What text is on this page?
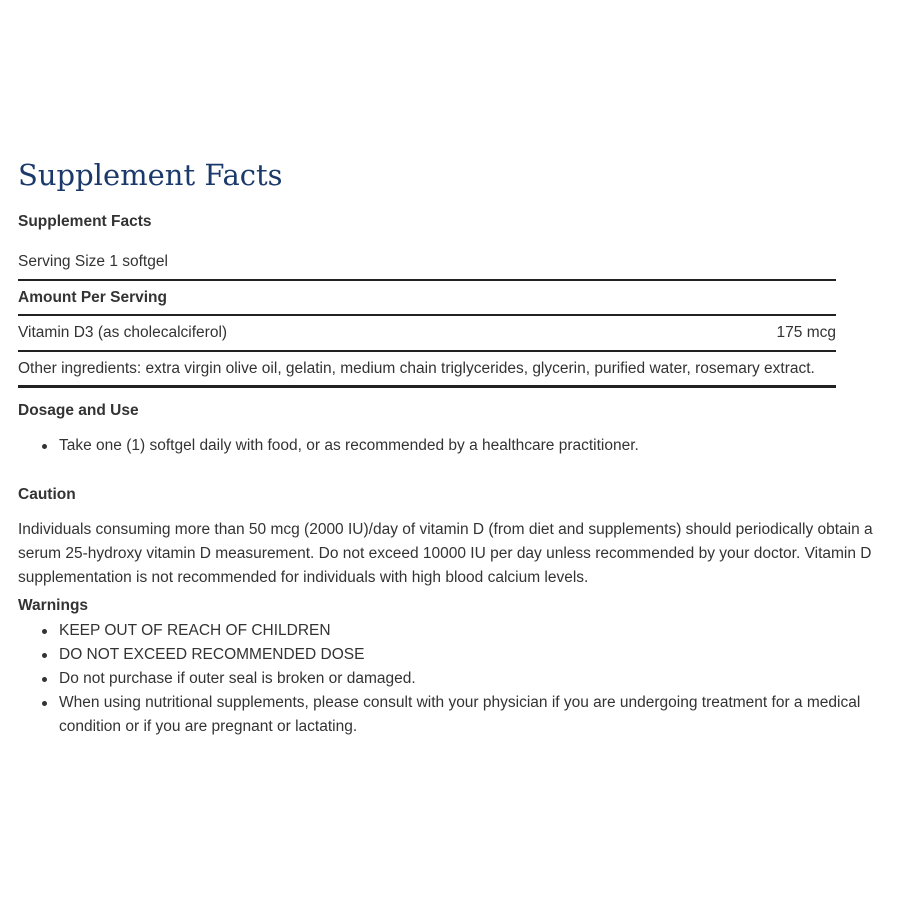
Supplement Facts
Supplement Facts
Serving Size 1 softgel
Amount Per Serving
Vitamin D3 (as cholecalciferol)	175 mcg
Other ingredients: extra virgin olive oil, gelatin, medium chain triglycerides, glycerin, purified water, rosemary extract.
Dosage and Use
Take one (1) softgel daily with food, or as recommended by a healthcare practitioner.
Caution

Individuals consuming more than 50 mcg (2000 IU)/day of vitamin D (from diet and supplements) should periodically obtain a serum 25-hydroxy vitamin D measurement. Do not exceed 10000 IU per day unless recommended by your doctor. Vitamin D supplementation is not recommended for individuals with high blood calcium levels.

Warnings
KEEP OUT OF REACH OF CHILDREN
DO NOT EXCEED RECOMMENDED DOSE
Do not purchase if outer seal is broken or damaged.
When using nutritional supplements, please consult with your physician if you are undergoing treatment for a medical condition or if you are pregnant or lactating.
